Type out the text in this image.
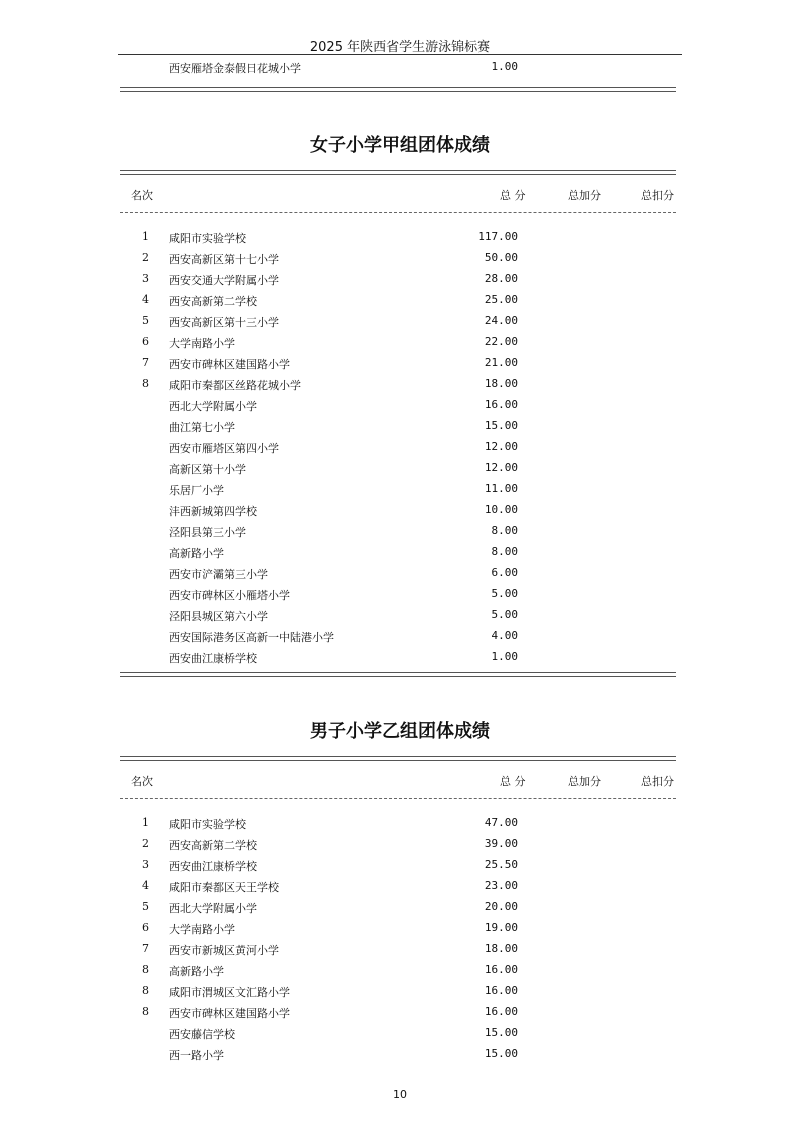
2025 年陕西省学生游泳锦标赛
西安雁塔金泰假日花城小学	1.00
女子小学甲组团体成绩
名次	总 分	总加分	总扣分
1 咸阳市实验学校	117.00
2 西安高新区第十七小学	50.00
3 西安交通大学附属小学	28.00
4 西安高新第二学校	25.00
5 西安高新区第十三小学	24.00
6 大学南路小学	22.00
7 西安市碑林区建国路小学	21.00
8 咸阳市秦都区丝路花城小学	18.00
西北大学附属小学	16.00
曲江第七小学	15.00
西安市雁塔区第四小学	12.00
高新区第十小学	12.00
乐居厂小学	11.00
沣西新城第四学校	10.00
泾阳县第三小学	8.00
高新路小学	8.00
西安市浐灞第三小学	6.00
西安市碑林区小雁塔小学	5.00
泾阳县城区第六小学	5.00
西安国际港务区高新一中陆港小学	4.00
西安曲江康桥学校	1.00
男子小学乙组团体成绩
名次	总 分	总加分	总扣分
1 咸阳市实验学校	47.00
2 西安高新第二学校	39.00
3 西安曲江康桥学校	25.50
4 咸阳市秦都区天王学校	23.00
5 西北大学附属小学	20.00
6 大学南路小学	19.00
7 西安市新城区黄河小学	18.00
8 高新路小学	16.00
8 咸阳市渭城区文汇路小学	16.00
8 西安市碑林区建国路小学	16.00
西安藤信学校	15.00
西一路小学	15.00
10
